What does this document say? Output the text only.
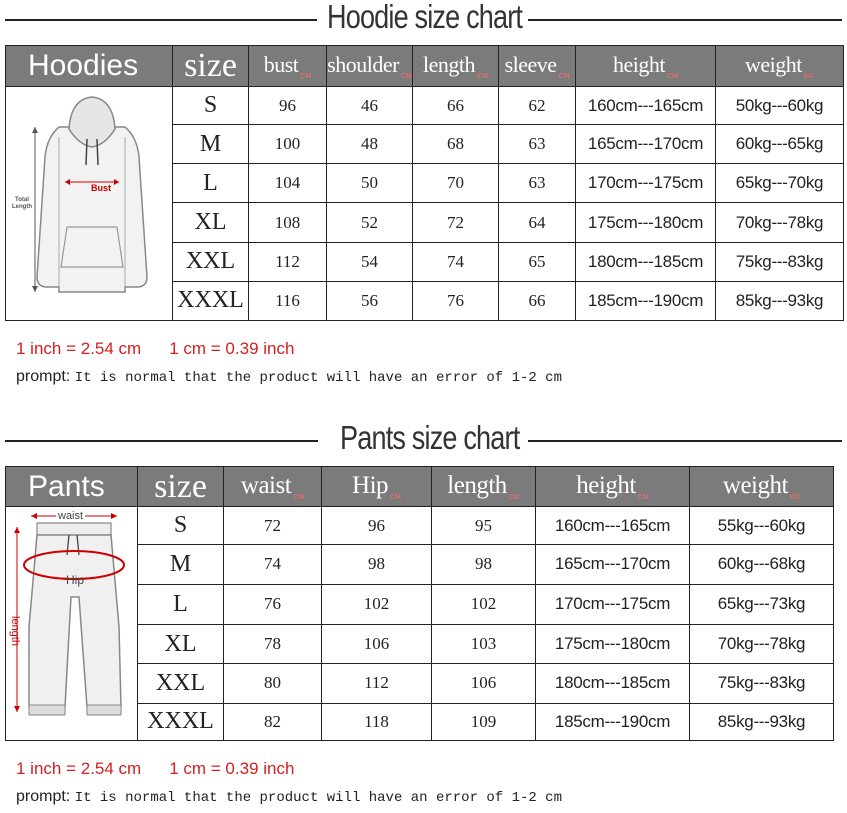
Hoodie size chart
Hoodies	size	bust $_{CM}$	shoulder $_{CM}$	length $_{CM}$	sleeve $_{CM}$	height $_{CM}$	weight $_{KG}$

Bust
Total Length	S	96	46	66	62	160cm---165cm	50kg---60kg
	M	100	48	68	63	165cm---170cm	60kg---65kg
	L	104	50	70	63	170cm---175cm	65kg---70kg
	XL	108	52	72	64	175cm---180cm	70kg---78kg
	XXL	112	54	74	65	180cm---185cm	75kg---83kg
	XXXL	116	56	76	66	185cm---190cm	85kg---93kg
1 inch = 2.54 cm 1 cm = 0.39 inch
prompt: It is normal that the product will have an error of 1-2 cm
Pants size chart
Pants	size	waist $_{CM}$	Hip $_{CM}$	length $_{CM}$	height $_{CM}$	weight $_{KG}$

waist
Hip
length	S	72	96	95	160cm---165cm	55kg---60kg
	M	74	98	98	165cm---170cm	60kg---68kg
	L	76	102	102	170cm---175cm	65kg---73kg
	XL	78	106	103	175cm---180cm	70kg---78kg
	XXL	80	112	106	180cm---185cm	75kg---83kg
	XXXL	82	118	109	185cm---190cm	85kg---93kg
1 inch = 2.54 cm 1 cm = 0.39 inch
prompt: It is normal that the product will have an error of 1-2 cm
